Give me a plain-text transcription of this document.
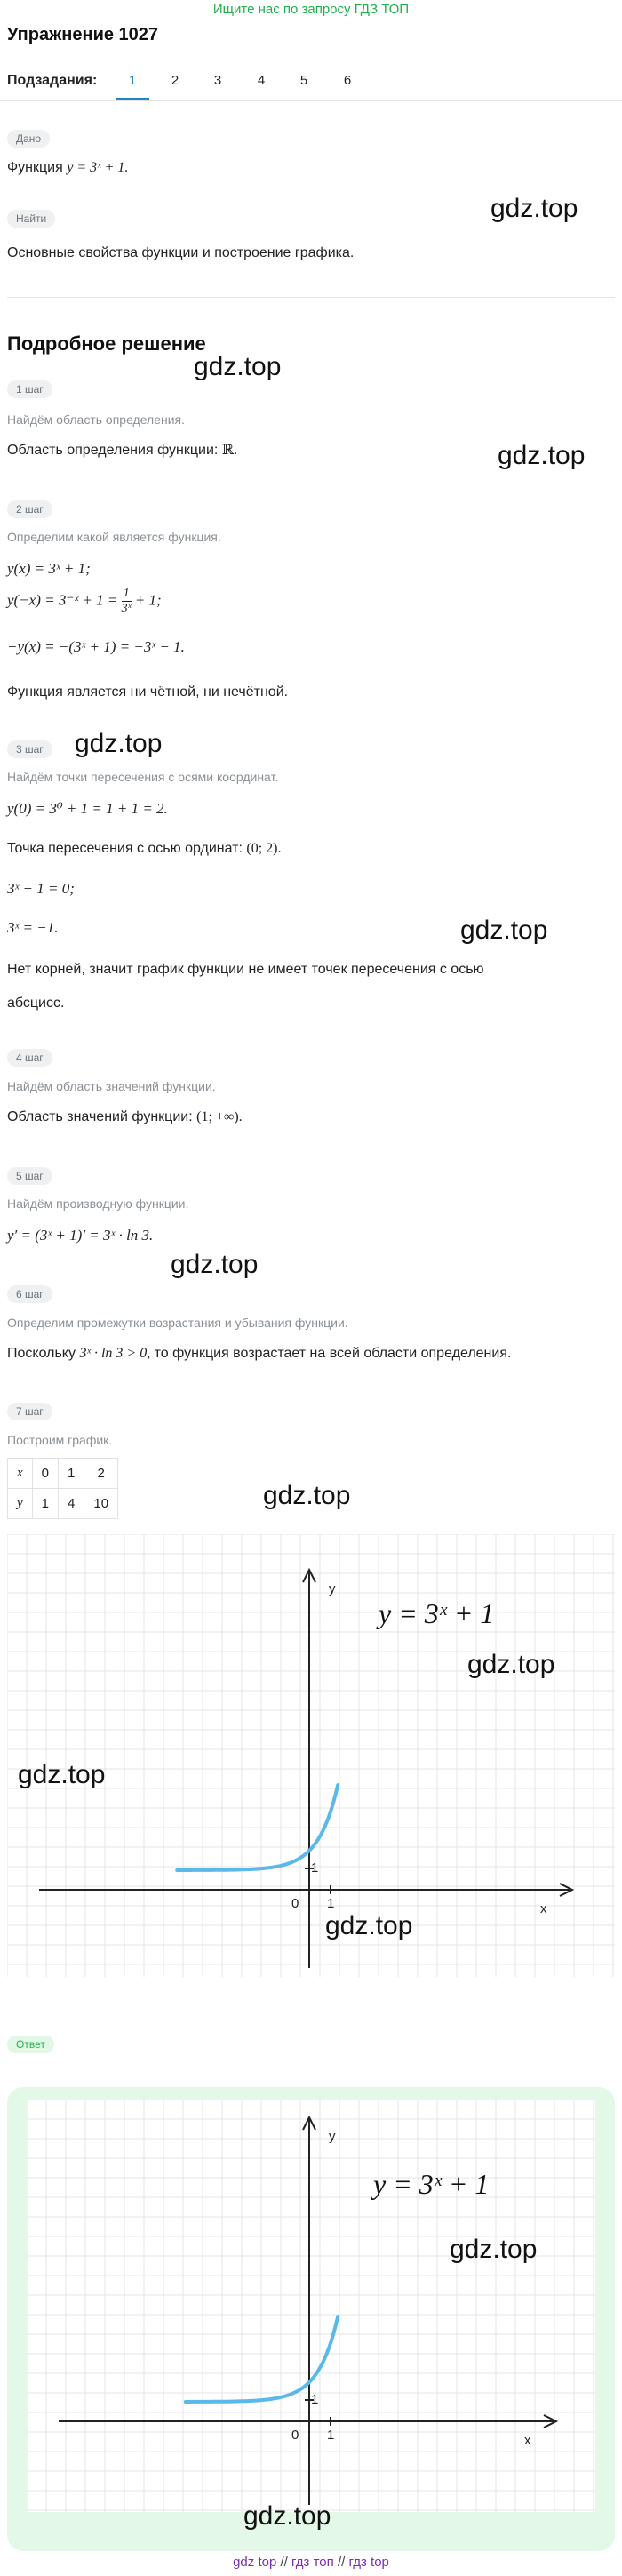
Ищите нас по запросу ГДЗ ТОП
Упражнение 1027
Подзадания:	1	2	3	4	5	6
Дано
Функция y = 3ˣ + 1.
Найти	gdz.top
Основные свойства функции и построение графика.
Подробное решение
gdz.top
1 шаг
Найдём область определения.
Область определения функции: ℝ.	gdz.top
2 шаг
Определим какой является функция.
y(x) = 3ˣ + 1;
y(−x) = 3⁻ˣ + $1 = \frac{1}{\text{3ˣ}} + 1$;
−y(x) = −(3ˣ + 1) = −3ˣ − 1.
Функция является ни чётной, ни нечётной.
3 шаг	gdz.top
Найдём точки пересечения с осями координат.
y(0) = 3⁰ + 1 = 1 + 1 = 2.
Точка пересечения с осью ординат: (0; 2).
3ˣ + 1 = 0;
3ˣ = −1.	gdz.top
Нет корней, значит график функции не имеет точек пересечения с осью
абсцисс.
4 шаг
Найдём область значений функции.
Область значений функции: (1; +∞).
5 шаг
Найдём производную функции.
y′ = (3ˣ + 1)′ = 3ˣ · ln 3.
gdz.top
6 шаг
Определим промежутки возрастания и убывания функции.
Поскольку 3ˣ · ln 3 > 0, то функция возрастает на всей области определения.
7 шаг
Построим график.
x	0	1	2
y	1	4	10	gdz.top
x
y
0 1
1
y = 3ˣ + 1
gdz.top
gdz.top
gdz.top
Ответ
x
y
0 1
1
y = 3ˣ + 1
gdz.top
gdz.top
gdz top // гдз топ // гдз top
